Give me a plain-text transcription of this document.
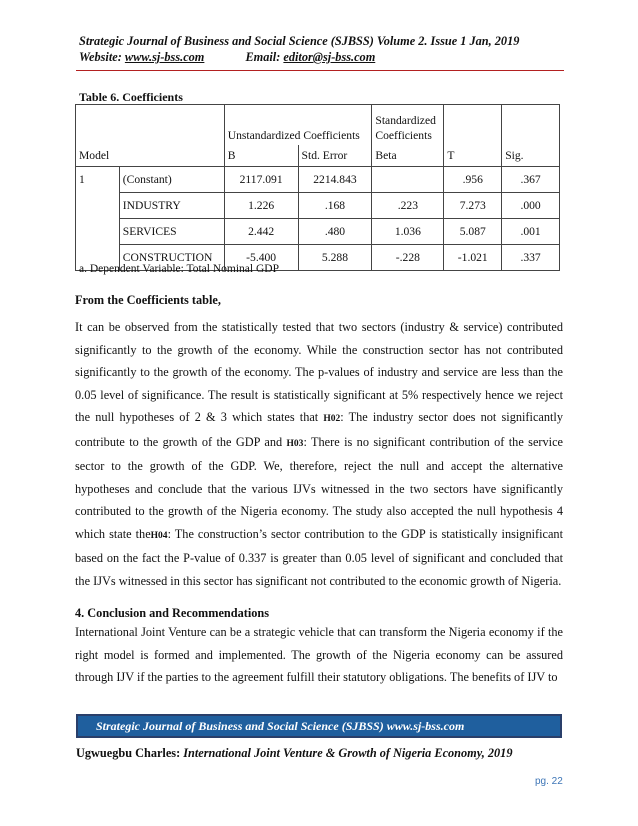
Strategic Journal of Business and Social Science (SJBSS) Volume 2. Issue 1 Jan, 2019
Website: www.sj-bss.com	Email: editor@sj-bss.com
Table 6. Coefficients
		Unstandardized Coefficients		Standardized Coefficients		
Model		B	Std. Error	Beta	T	Sig.
1	(Constant)	2117.091	2214.843		.956	.367
	INDUSTRY	1.226	.168	.223	7.273	.000
	SERVICES	2.442	.480	1.036	5.087	.001
	CONSTRUCTION	-5.400	5.288	-.228	-1.021	.337
a. Dependent Variable: Total Nominal GDP
From the Coefficients table,
It can be observed from the statistically tested that two sectors (industry & service) contributed significantly to the growth of the economy. While the construction sector has not contributed significantly to the growth of the economy. The p-values of industry and service are less than the 0.05 level of significance. The result is statistically significant at 5% respectively hence we reject the null hypotheses of 2 & 3 which states that H02: The industry sector does not significantly contribute to the growth of the GDP and H03: There is no significant contribution of the service sector to the growth of the GDP. We, therefore, reject the null and accept the alternative hypotheses and conclude that the various IJVs witnessed in the two sectors have significantly contributed to the growth of the Nigeria economy. The study also accepted the null hypothesis 4 which state theH04: The construction’s sector contribution to the GDP is statistically insignificant based on the fact the P-value of 0.337 is greater than 0.05 level of significant and concluded that the IJVs witnessed in this sector has significant not contributed to the economic growth of Nigeria.
4. Conclusion and Recommendations
International Joint Venture can be a strategic vehicle that can transform the Nigeria economy if the right model is formed and implemented. The growth of the Nigeria economy can be assured through IJV if the parties to the agreement fulfill their statutory obligations. The benefits of IJV to
Strategic Journal of Business and Social Science (SJBSS) www.sj-bss.com
Ugwuegbu Charles: International Joint Venture & Growth of Nigeria Economy, 2019
pg. 22
